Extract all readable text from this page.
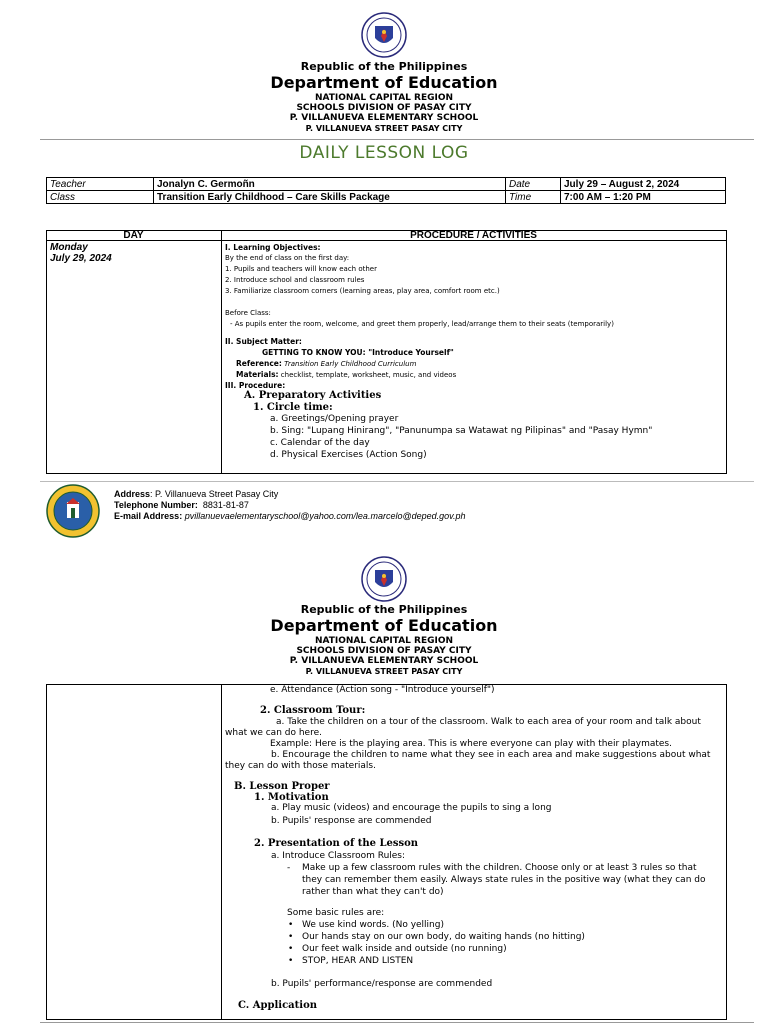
Republic of the Philippines
Department of Education
NATIONAL CAPITAL REGION
SCHOOLS DIVISION OF PASAY CITY
P. VILLANUEVA ELEMENTARY SCHOOL
P. VILLANUEVA STREET PASAY CITY
DAILY LESSON LOG
Teacher	Jonalyn C. Germoñn	Date	July 29 – August 2, 2024
Class	Transition Early Childhood – Care Skills Package	Time	7:00 AM – 1:20 PM
DAY	PROCEDURE / ACTIVITIES
Monday
July 29, 2024
I. Learning Objectives:
By the end of class on the first day:
1. Pupils and teachers will know each other
2. Introduce school and classroom rules
3. Familiarize classroom corners (learning areas, play area, comfort room etc.)
Before Class:
- As pupils enter the room, welcome, and greet them properly, lead/arrange them to their seats (temporarily)
II. Subject Matter:
GETTING TO KNOW YOU: "Introduce Yourself"
Reference: Transition Early Childhood Curriculum
Materials: checklist, template, worksheet, music, and videos
III. Procedure:
A. Preparatory Activities
1. Circle time:
a. Greetings/Opening prayer
b. Sing: "Lupang Hinirang", "Panunumpa sa Watawat ng Pilipinas" and "Pasay Hymn"
c. Calendar of the day
d. Physical Exercises (Action Song)
Address: P. Villanueva Street Pasay City
Telephone Number: 8831-81-87
E-mail Address: pvillanuevaelementaryschool@yahoo.com/lea.marcelo@deped.gov.ph
Republic of the Philippines
Department of Education
NATIONAL CAPITAL REGION
SCHOOLS DIVISION OF PASAY CITY
P. VILLANUEVA ELEMENTARY SCHOOL
P. VILLANUEVA STREET PASAY CITY
e. Attendance (Action song - "Introduce yourself")
2. Classroom Tour:
a. Take the children on a tour of the classroom. Walk to each area of your room and talk about
what we can do here.
Example: Here is the playing area. This is where everyone can play with their playmates.
b. Encourage the children to name what they see in each area and make suggestions about what
they can do with those materials.
B. Lesson Proper
1. Motivation
a. Play music (videos) and encourage the pupils to sing a long
b. Pupils' response are commended
2. Presentation of the Lesson
a. Introduce Classroom Rules:
- Make up a few classroom rules with the children. Choose only or at least 3 rules so that
they can remember them easily. Always state rules in the positive way (what they can do
rather than what they can't do)
Some basic rules are:
• We use kind words. (No yelling)
• Our hands stay on our own body, do waiting hands (no hitting)
• Our feet walk inside and outside (no running)
• STOP, HEAR AND LISTEN
b. Pupils' performance/response are commended
C. Application
